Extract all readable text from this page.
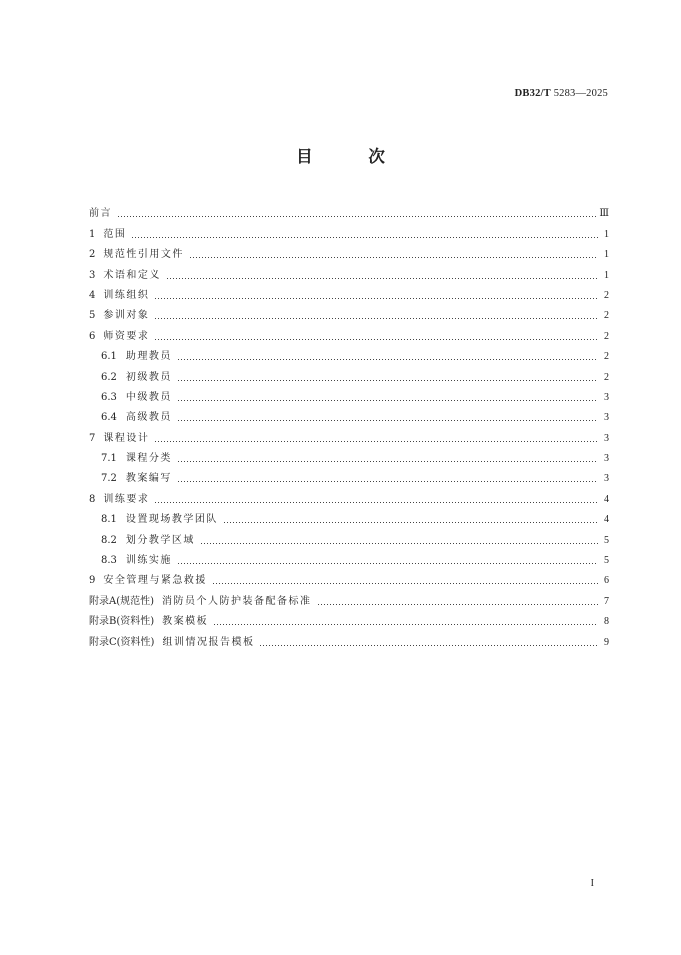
DB32/T 5283—2025
目 次
前言	Ⅲ
1 范围	1
2 规范性引用文件	1
3 术语和定义	1
4 训练组织	2
5 参训对象	2
6 师资要求	2
6.1 助理教员	2
6.2 初级教员	2
6.3 中级教员	3
6.4 高级教员	3
7 课程设计	3
7.1 课程分类	3
7.2 教案编写	3
8 训练要求	4
8.1 设置现场教学团队	4
8.2 划分教学区域	5
8.3 训练实施	5
9 安全管理与紧急救援	6
附录A(规范性) 消防员个人防护装备配备标准	7
附录B(资料性) 教案模板	8
附录C(资料性) 组训情况报告模板	9
I
